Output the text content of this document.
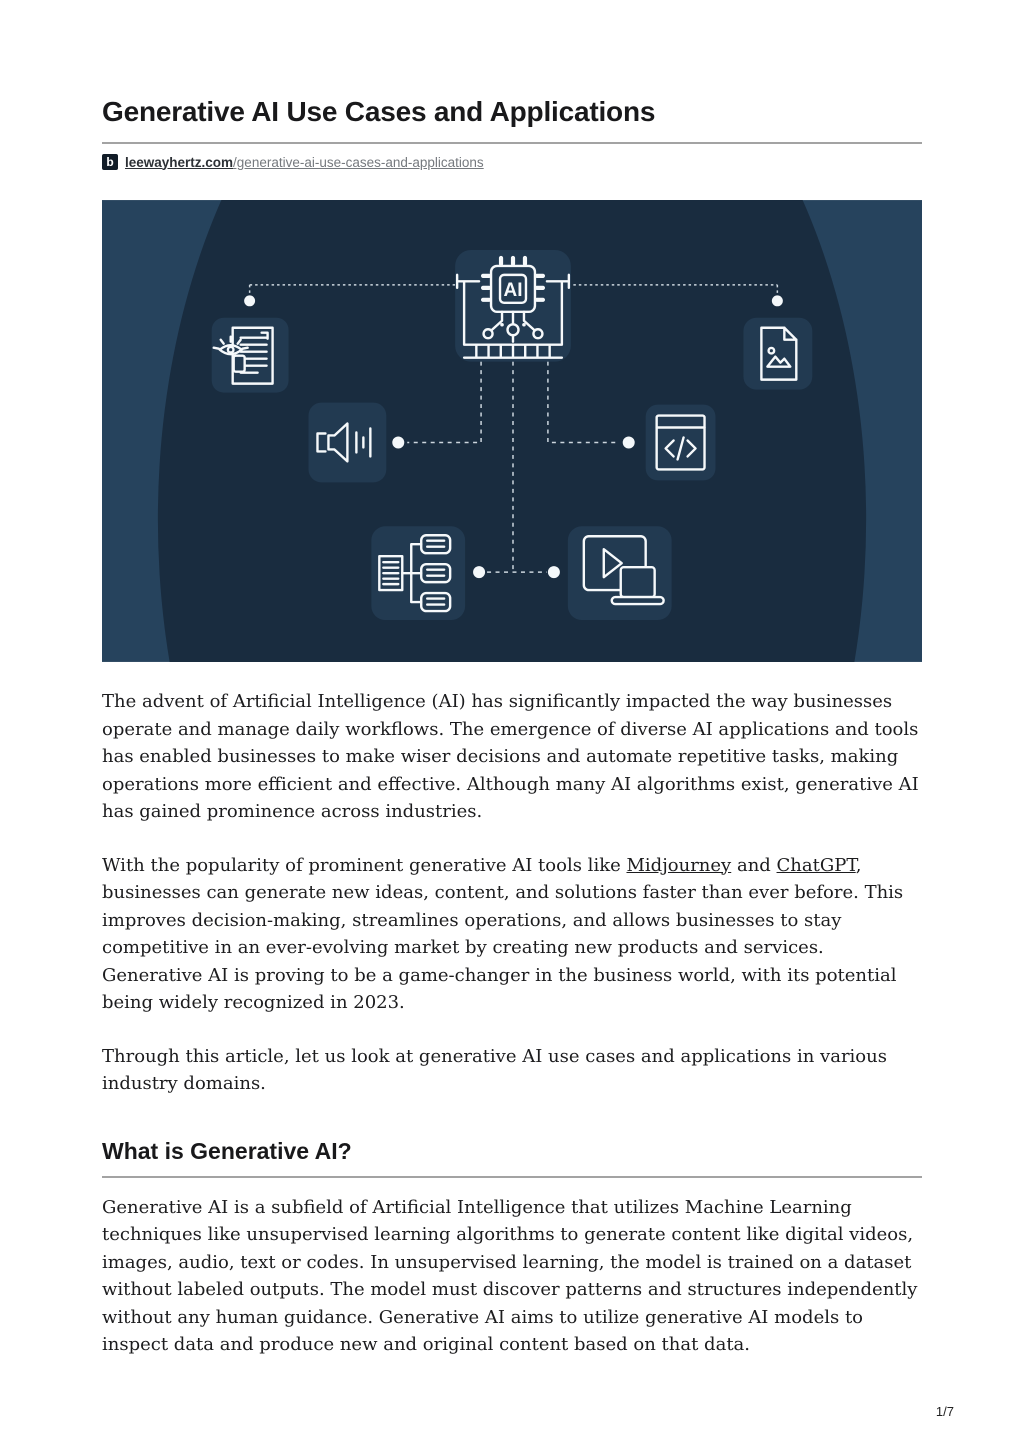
Generative AI Use Cases and Applications
b leewayhertz.com/generative-ai-use-cases-and-applications
AI

The advent of Artificial Intelligence (AI) has significantly impacted the way businesses operate and manage daily workflows. The emergence of diverse AI applications and tools has enabled businesses to make wiser decisions and automate repetitive tasks, making operations more efficient and effective. Although many AI algorithms exist, generative AI has gained prominence across industries.

With the popularity of prominent generative AI tools like Midjourney and ChatGPT, businesses can generate new ideas, content, and solutions faster than ever before. This improves decision-making, streamlines operations, and allows businesses to stay competitive in an ever-evolving market by creating new products and services. Generative AI is proving to be a game-changer in the business world, with its potential being widely recognized in 2023.

Through this article, let us look at generative AI use cases and applications in various industry domains.

What is Generative AI?

Generative AI is a subfield of Artificial Intelligence that utilizes Machine Learning techniques like unsupervised learning algorithms to generate content like digital videos, images, audio, text or codes. In unsupervised learning, the model is trained on a dataset without labeled outputs. The model must discover patterns and structures independently without any human guidance. Generative AI aims to utilize generative AI models to inspect data and produce new and original content based on that data.

1/7
